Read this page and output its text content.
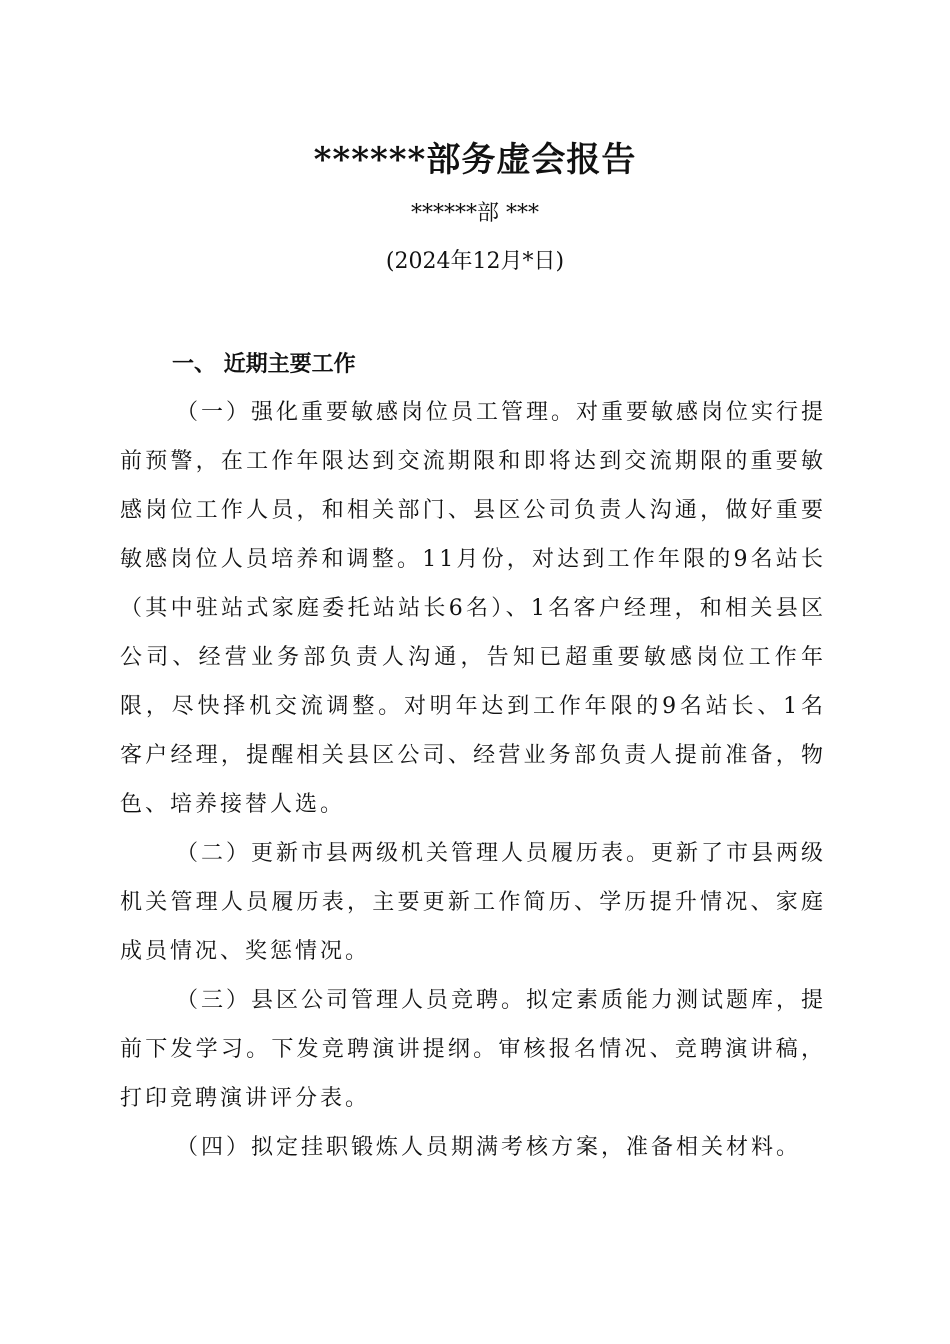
******部务虚会报告
******部 ***
(2024年12月*日)

一、 近期主要工作

（一）强化重要敏感岗位员工管理。对重要敏感岗位实行提前预警，在工作年限达到交流期限和即将达到交流期限的重要敏感岗位工作人员，和相关部门、县区公司负责人沟通，做好重要敏感岗位人员培养和调整。11月份，对达到工作年限的9名站长（其中驻站式家庭委托站站长6名）、1名客户经理，和相关县区公司、经营业务部负责人沟通，告知已超重要敏感岗位工作年限，尽快择机交流调整。对明年达到工作年限的9名站长、1名客户经理，提醒相关县区公司、经营业务部负责人提前准备，物色、培养接替人选。

（二）更新市县两级机关管理人员履历表。更新了市县两级机关管理人员履历表，主要更新工作简历、学历提升情况、家庭成员情况、奖惩情况。

（三）县区公司管理人员竞聘。拟定素质能力测试题库，提前下发学习。下发竞聘演讲提纲。审核报名情况、竞聘演讲稿，打印竞聘演讲评分表。

（四）拟定挂职锻炼人员期满考核方案，准备相关材料。
